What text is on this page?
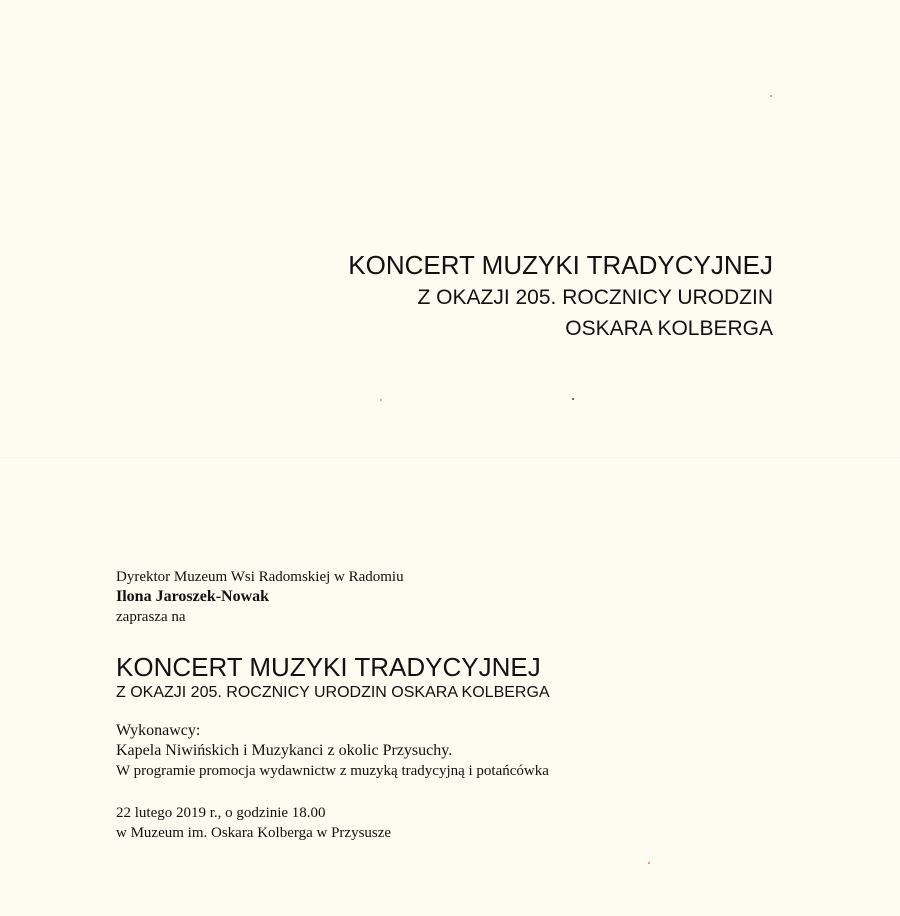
KONCERT MUZYKI TRADYCYJNEJ
Z OKAZJI 205. ROCZNICY URODZIN
OSKARA KOLBERGA
Dyrektor Muzeum Wsi Radomskiej w Radomiu
Ilona Jaroszek-Nowak
zaprasza na
KONCERT MUZYKI TRADYCYJNEJ
Z OKAZJI 205. ROCZNICY URODZIN OSKARA KOLBERGA
Wykonawcy:
Kapela Niwińskich i Muzykanci z okolic Przysuchy.
W programie promocja wydawnictw z muzyką tradycyjną i potańcówka
22 lutego 2019 r., o godzinie 18.00
w Muzeum im. Oskara Kolberga w Przysusze
